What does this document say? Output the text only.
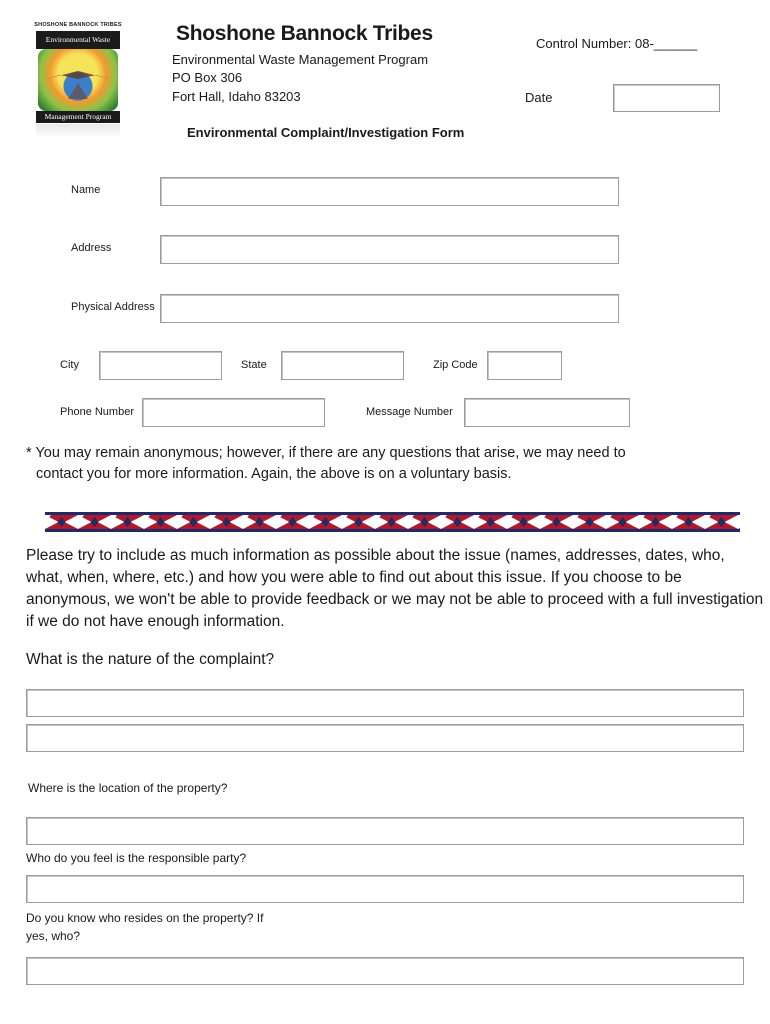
SHOSHONE BANNOCK TRIBES
Environmental Waste
Management Program
Shoshone Bannock Tribes
Environmental Waste Management Program
PO Box 306
Fort Hall, Idaho 83203
Control Number: 08-______
Date
Environmental Complaint/Investigation Form
Name
Address
Physical Address
City	State	Zip Code
Phone Number	Message Number
* You may remain anonymous; however, if there are any questions that arise, we may need to
contact you for more information. Again, the above is on a voluntary basis.
Please try to include as much information as possible about the issue (names, addresses, dates, who, what, when, where, etc.) and how you were able to find out about this issue. If you choose to be anonymous, we won't be able to provide feedback or we may not be able to proceed with a full investigation if we do not have enough information.
What is the nature of the complaint?
Where is the location of the property?
Who do you feel is the responsible party?
Do you know who resides on the property? If
yes, who?
